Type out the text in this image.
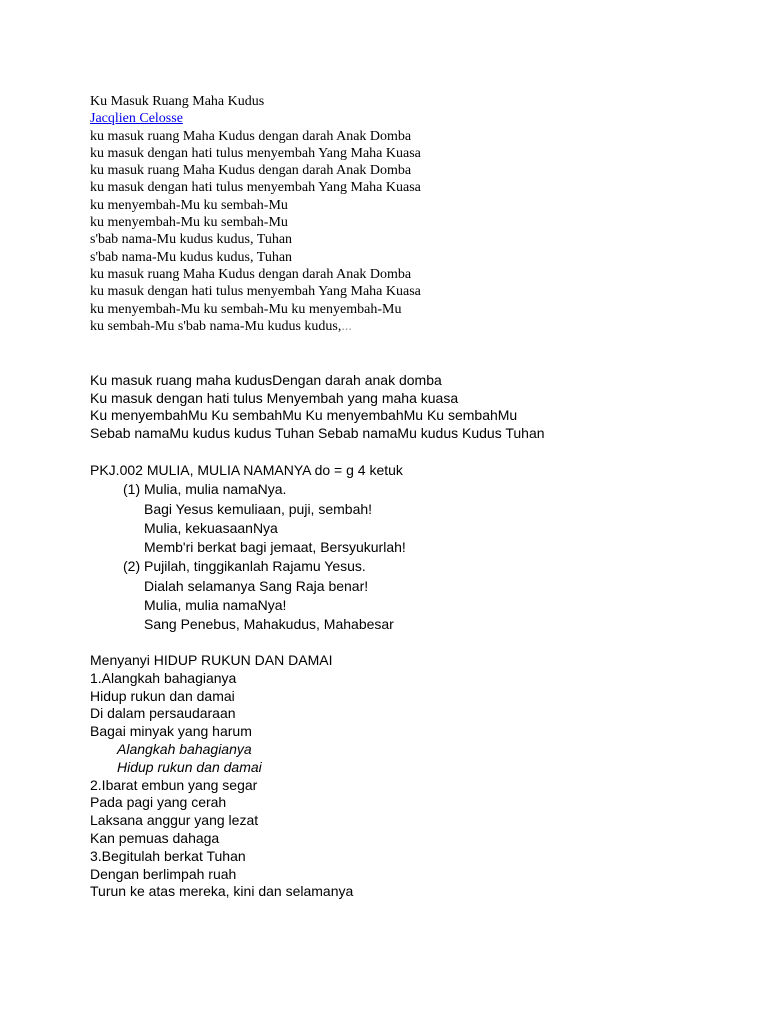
Ku Masuk Ruang Maha Kudus
Jacqlien Celosse
ku masuk ruang Maha Kudus dengan darah Anak Domba
ku masuk dengan hati tulus menyembah Yang Maha Kuasa
ku masuk ruang Maha Kudus dengan darah Anak Domba
ku masuk dengan hati tulus menyembah Yang Maha Kuasa
ku menyembah-Mu ku sembah-Mu
ku menyembah-Mu ku sembah-Mu
s'bab nama-Mu kudus kudus, Tuhan
s'bab nama-Mu kudus kudus, Tuhan
ku masuk ruang Maha Kudus dengan darah Anak Domba
ku masuk dengan hati tulus menyembah Yang Maha Kuasa
ku menyembah-Mu ku sembah-Mu ku menyembah-Mu
ku sembah-Mu s'bab nama-Mu kudus kudus,...
Ku masuk ruang maha kudusDengan darah anak domba
Ku masuk dengan hati tulus Menyembah yang maha kuasa
Ku menyembahMu Ku sembahMu Ku menyembahMu Ku sembahMu
Sebab namaMu kudus kudus Tuhan Sebab namaMu kudus Kudus Tuhan
PKJ.002 MULIA, MULIA NAMANYA do = g 4 ketuk
(1) Mulia, mulia namaNya.
Bagi Yesus kemuliaan, puji, sembah!
Mulia, kekuasaanNya
Memb'ri berkat bagi jemaat, Bersyukurlah!
(2) Pujilah, tinggikanlah Rajamu Yesus.
Dialah selamanya Sang Raja benar!
Mulia, mulia namaNya!
Sang Penebus, Mahakudus, Mahabesar
Menyanyi HIDUP RUKUN DAN DAMAI
1.Alangkah bahagianya
Hidup rukun dan damai
Di dalam persaudaraan
Bagai minyak yang harum
Alangkah bahagianya
Hidup rukun dan damai
2.Ibarat embun yang segar
Pada pagi yang cerah
Laksana anggur yang lezat
Kan pemuas dahaga
3.Begitulah berkat Tuhan
Dengan berlimpah ruah
Turun ke atas mereka, kini dan selamanya
